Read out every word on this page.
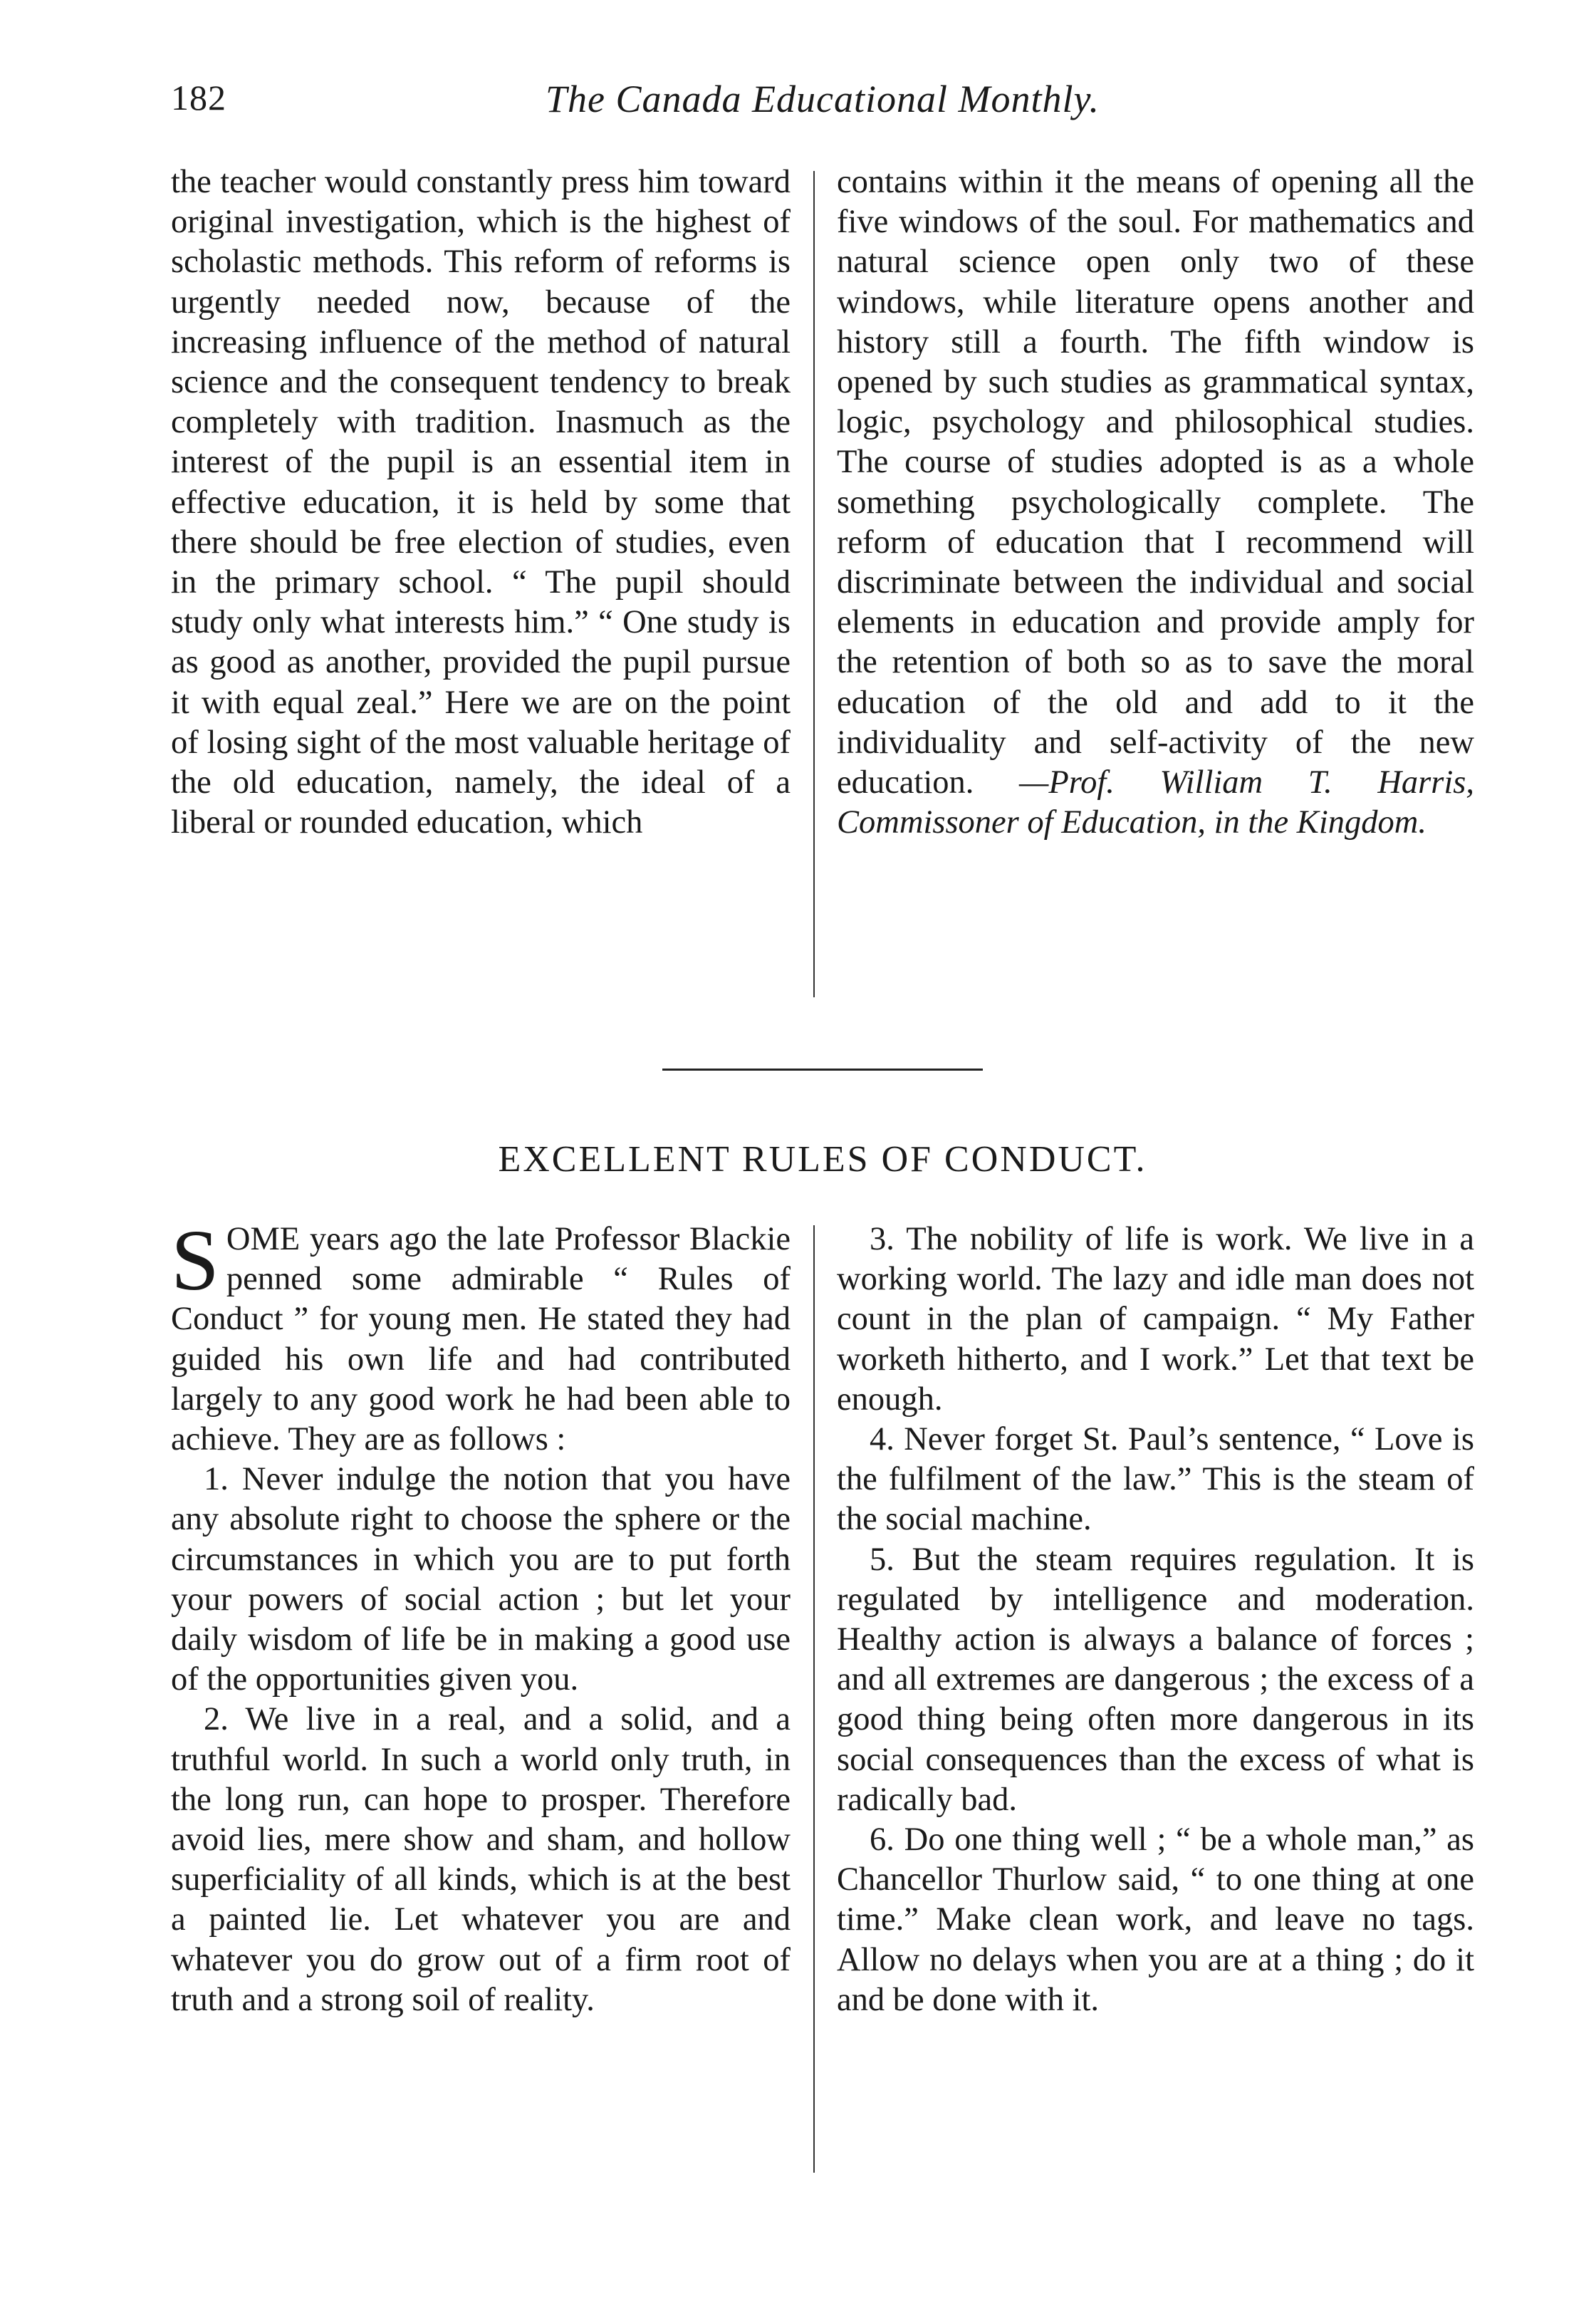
182	The Canada Educational Monthly.

the teacher would constantly press him toward original investigation, which is the highest of scholastic methods. This reform of reforms is urgently needed now, because of the increasing influence of the method of natural science and the consequent tendency to break completely with tradition. Inasmuch as the interest of the pupil is an essential item in effective education, it is held by some that there should be free election of studies, even in the primary school. “ The pupil should study only what interests him.” “ One study is as good as another, provided the pupil pursue it with equal zeal.” Here we are on the point of losing sight of the most valuable heritage of the old education, namely, the ideal of a liberal or rounded education, which

contains within it the means of opening all the five windows of the soul. For mathematics and natural science open only two of these windows, while literature opens another and history still a fourth. The fifth window is opened by such studies as grammatical syntax, logic, psychology and philosophical studies. The course of studies adopted is as a whole something psychologically complete. The reform of education that I recommend will discriminate between the individual and social elements in education and provide amply for the retention of both so as to save the moral education of the old and add to it the individuality and self-activity of the new education. —Prof. William T. Harris, Commissoner of Education, in the Kingdom.

EXCELLENT RULES OF CONDUCT.

SOME years ago the late Professor Blackie penned some admirable “ Rules of Conduct ” for young men. He stated they had guided his own life and had contributed largely to any good work he had been able to achieve. They are as follows :

1. Never indulge the notion that you have any absolute right to choose the sphere or the circumstances in which you are to put forth your powers of social action ; but let your daily wisdom of life be in making a good use of the opportunities given you.

2. We live in a real, and a solid, and a truthful world. In such a world only truth, in the long run, can hope to prosper. Therefore avoid lies, mere show and sham, and hollow superficiality of all kinds, which is at the best a painted lie. Let whatever you are and whatever you do grow out of a firm root of truth and a strong soil of reality.

3. The nobility of life is work. We live in a working world. The lazy and idle man does not count in the plan of campaign. “ My Father worketh hitherto, and I work.” Let that text be enough.

4. Never forget St. Paul’s sentence, “ Love is the fulfilment of the law.” This is the steam of the social machine.

5. But the steam requires regulation. It is regulated by intelligence and moderation. Healthy action is always a balance of forces ; and all extremes are dangerous ; the excess of a good thing being often more dangerous in its social consequences than the excess of what is radically bad.

6. Do one thing well ; “ be a whole man,” as Chancellor Thurlow said, “ to one thing at one time.” Make clean work, and leave no tags. Allow no delays when you are at a thing ; do it and be done with it.
